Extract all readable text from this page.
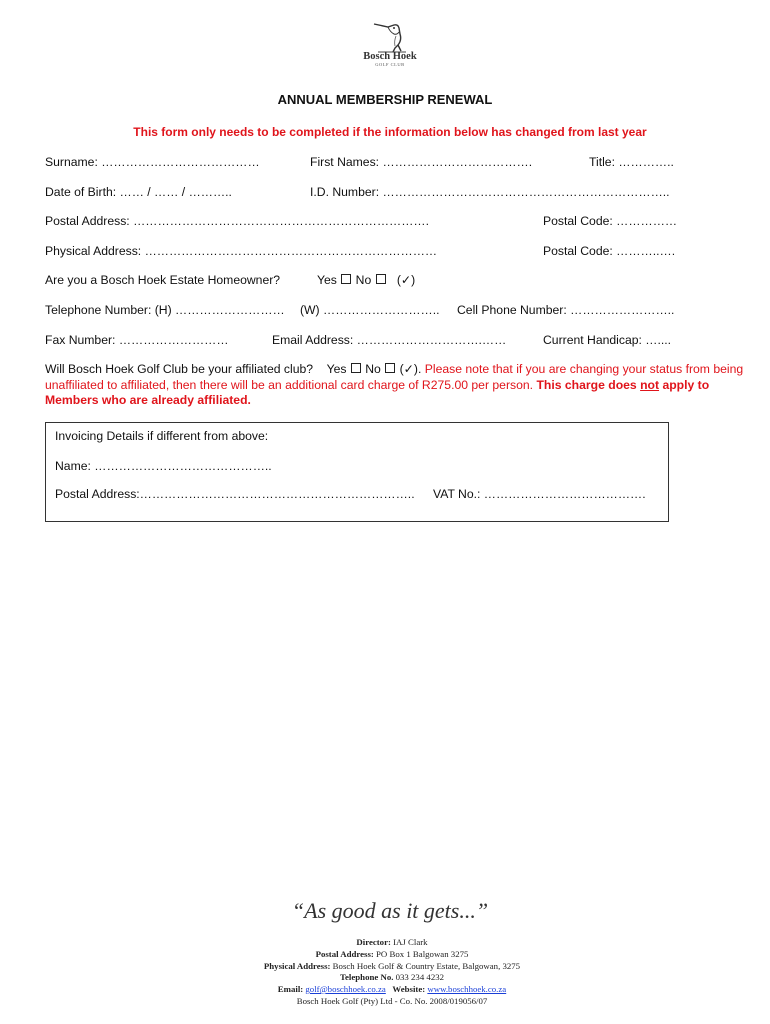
Bosch Hoek
GOLF CLUB
ANNUAL MEMBERSHIP RENEWAL
This form only needs to be completed if the information below has changed from last year
Surname: …………………………………	First Names: ……………………………….	Title: …………..
Date of Birth: …… / …… / ………..	I.D. Number: ……………………………………………………………..
Postal Address: ……………………………………………………………….	Postal Code: ……………
Physical Address: ………………………………………………………………	Postal Code: ………..….
Are you a Bosch Hoek Estate Homeowner?	Yes No (✓)
Telephone Number: (H) ……………………… (W) ……………………….. Cell Phone Number: ……………………..
Fax Number: ………………………	Email Address: ………………………….……	Current Handicap: …....
Will Bosch Hoek Golf Club be your affiliated club? Yes No (✓). Please note that if you are changing your status from being unaffiliated to affiliated, then there will be an additional card charge of R275.00 per person. This charge does not apply to Members who are already affiliated.
Invoicing Details if different from above:
Name: ……………………………………..
Postal Address:………………………………………………………….. VAT No.: ………………………………….
“As good as it gets...”
Director: IAJ Clark
Postal Address: PO Box 1 Balgowan 3275
Physical Address: Bosch Hoek Golf & Country Estate, Balgowan, 3275
Telephone No. 033 234 4232
Email: golf@boschhoek.co.za Website: www.boschhoek.co.za
Bosch Hoek Golf (Pty) Ltd - Co. No. 2008/019056/07
